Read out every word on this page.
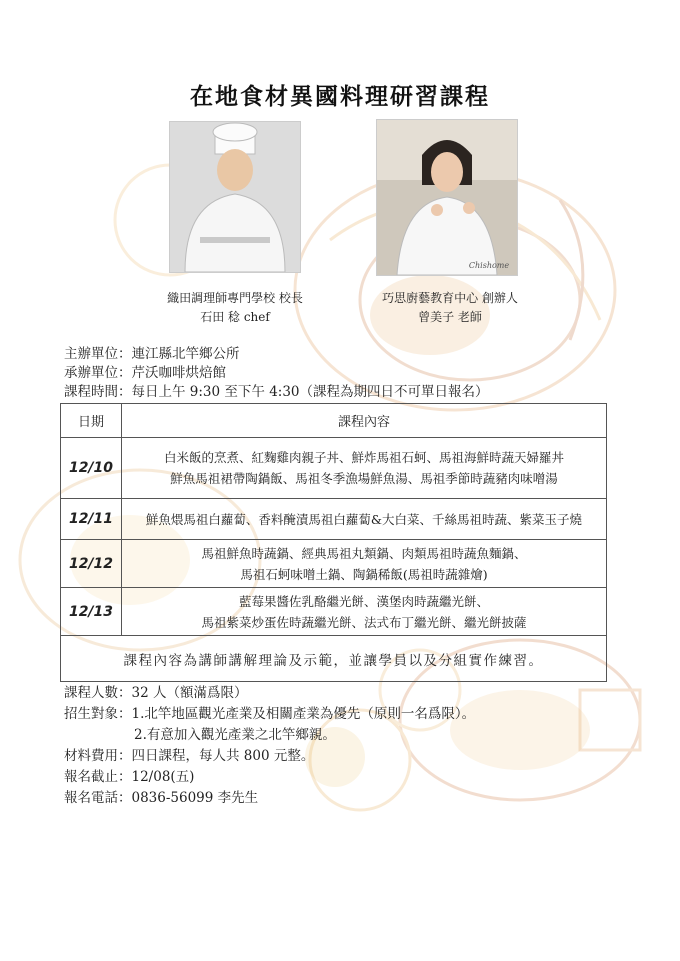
在地食材異國料理研習課程
Chishome
織田調理師專門學校 校長
石田 稔 chef
巧思廚藝教育中心 創辦人
曾美子 老師
主辦單位：連江縣北竿鄉公所
承辦單位：芹沃咖啡烘焙館
課程時間：每日上午 9:30 至下午 4:30（課程為期四日不可單日報名）
日期	課程內容
12/10	白米飯的烹煮、紅麴雞肉親子丼、鮮炸馬祖石蚵、馬祖海鮮時蔬天婦羅丼
鮮魚馬祖裙帶陶鍋飯、馬祖冬季漁場鮮魚湯、馬祖季節時蔬豬肉味噌湯

12/11	鮮魚煨馬祖白蘿蔔、香料醃漬馬祖白蘿蔔&大白菜、千絲馬祖時蔬、紫菜玉子燒

12/12	馬祖鮮魚時蔬鍋、經典馬祖丸類鍋、肉類馬祖時蔬魚麵鍋、
馬祖石蚵味噌土鍋、陶鍋稀飯(馬祖時蔬雜燴)

12/13	藍莓果醬佐乳酪繼光餅、漢堡肉時蔬繼光餅、
馬祖紫菜炒蛋佐時蔬繼光餅、法式布丁繼光餅、繼光餅披薩

課程內容為講師講解理論及示範，並讓學員以及分組實作練習。	
課程人數：32 人（額滿爲限）
招生對象：1.北竿地區觀光產業及相關產業為優先（原則一名爲限）。
2.有意加入觀光產業之北竿鄉親。
材料費用：四日課程，每人共 800 元整。
報名截止：12/08(五)
報名電話：0836-56099 李先生
